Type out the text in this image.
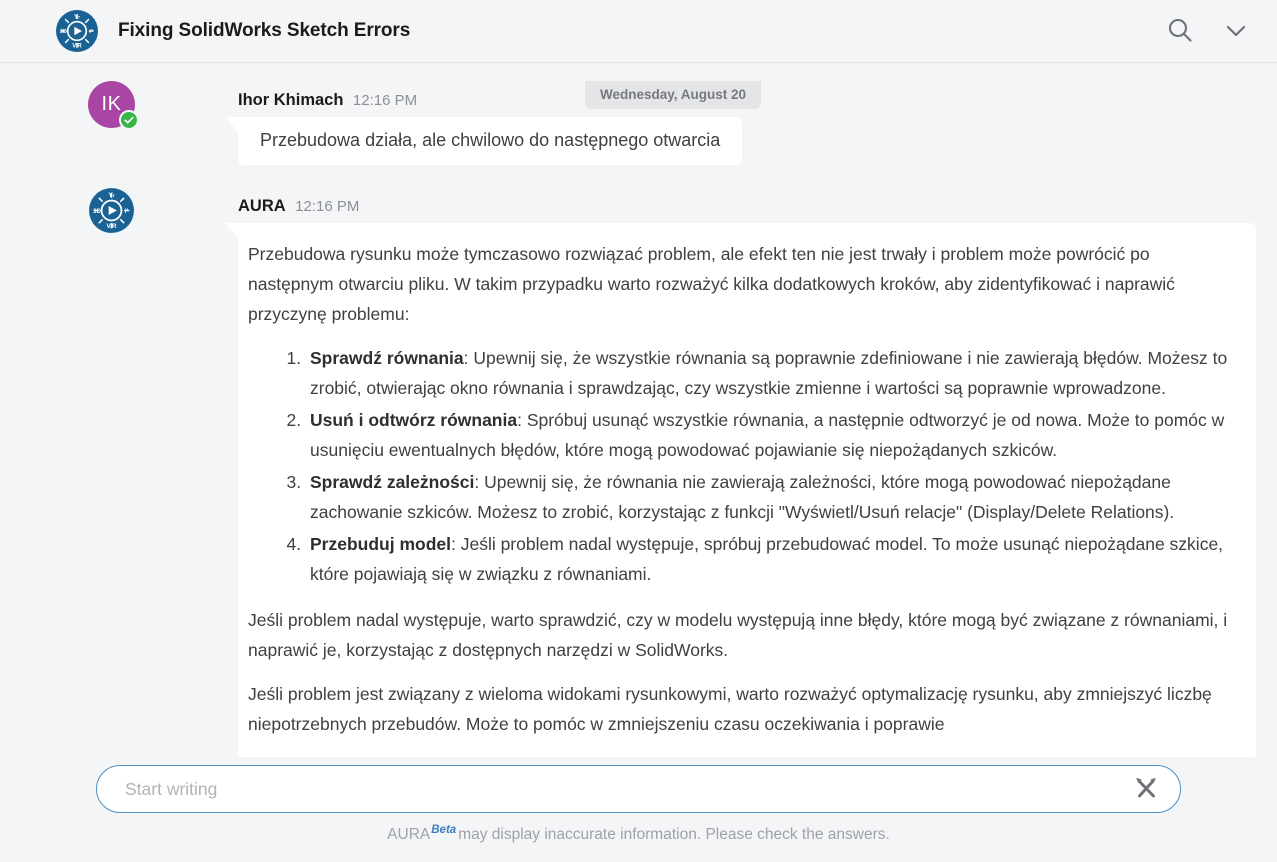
Yr
3D	i²
V.R
Fixing SolidWorks Sketch Errors
Wednesday, August 20
IK	Ihor Khimach 12:16 PM
Przebudowa działa, ale chwilowo do następnego otwarcia
Yr
3D	i²
V.R
AURA 12:16 PM

Przebudowa rysunku może tymczasowo rozwiązać problem, ale efekt ten nie jest trwały i problem może powrócić po następnym otwarciu pliku. W takim przypadku warto rozważyć kilka dodatkowych kroków, aby zidentyfikować i naprawić przyczynę problemu:

1. Sprawdź równania: Upewnij się, że wszystkie równania są poprawnie zdefiniowane i nie zawierają błędów. Możesz to zrobić, otwierając okno równania i sprawdzając, czy wszystkie zmienne i wartości są poprawnie wprowadzone.
2. Usuń i odtwórz równania: Spróbuj usunąć wszystkie równania, a następnie odtworzyć je od nowa. Może to pomóc w usunięciu ewentualnych błędów, które mogą powodować pojawianie się niepożądanych szkiców.
3. Sprawdź zależności: Upewnij się, że równania nie zawierają zależności, które mogą powodować niepożądane zachowanie szkiców. Możesz to zrobić, korzystając z funkcji "Wyświetl/Usuń relacje" (Display/Delete Relations).
4. Przebuduj model: Jeśli problem nadal występuje, spróbuj przebudować model. To może usunąć niepożądane szkice, które pojawiają się w związku z równaniami.

Jeśli problem nadal występuje, warto sprawdzić, czy w modelu występują inne błędy, które mogą być związane z równaniami, i naprawić je, korzystając z dostępnych narzędzi w SolidWorks.

Jeśli problem jest związany z wieloma widokami rysunkowymi, warto rozważyć optymalizację rysunku, aby zmniejszyć liczbę niepotrzebnych przebudów. Może to pomóc w zmniejszeniu czasu oczekiwania i poprawie

Start writing
$AURA^{Beta}$ may display inaccurate information. Please check the answers.
